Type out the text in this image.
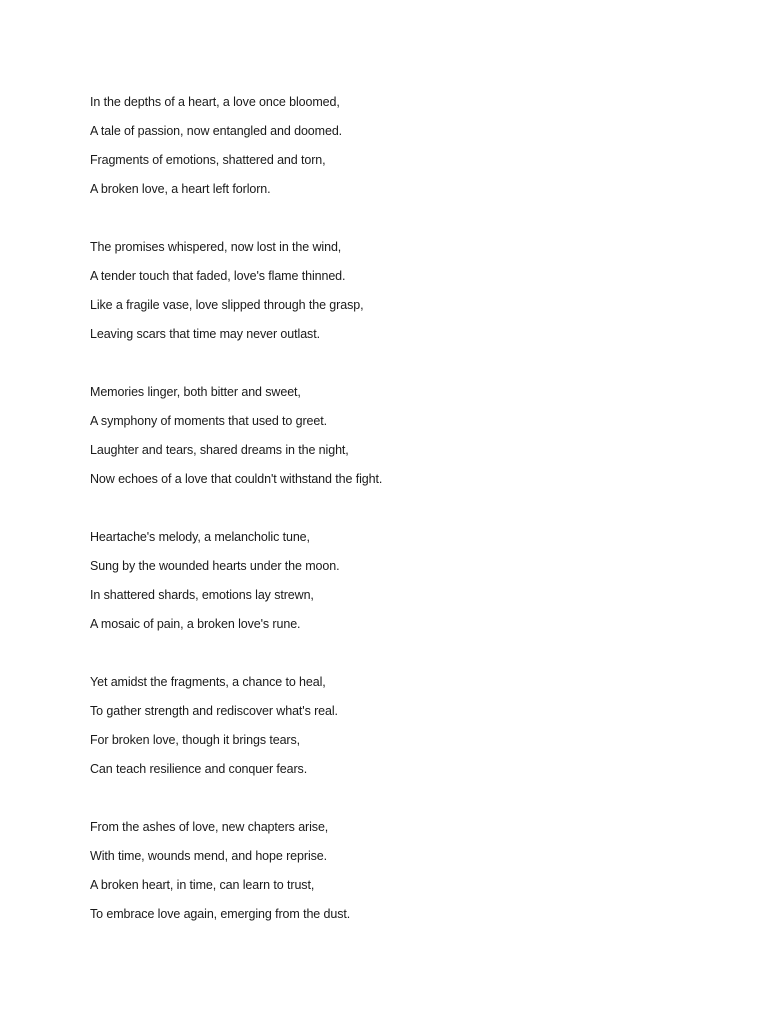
In the depths of a heart, a love once bloomed,
A tale of passion, now entangled and doomed.
Fragments of emotions, shattered and torn,
A broken love, a heart left forlorn.
The promises whispered, now lost in the wind,
A tender touch that faded, love's flame thinned.
Like a fragile vase, love slipped through the grasp,
Leaving scars that time may never outlast.
Memories linger, both bitter and sweet,
A symphony of moments that used to greet.
Laughter and tears, shared dreams in the night,
Now echoes of a love that couldn't withstand the fight.
Heartache's melody, a melancholic tune,
Sung by the wounded hearts under the moon.
In shattered shards, emotions lay strewn,
A mosaic of pain, a broken love's rune.
Yet amidst the fragments, a chance to heal,
To gather strength and rediscover what's real.
For broken love, though it brings tears,
Can teach resilience and conquer fears.
From the ashes of love, new chapters arise,
With time, wounds mend, and hope reprise.
A broken heart, in time, can learn to trust,
To embrace love again, emerging from the dust.
